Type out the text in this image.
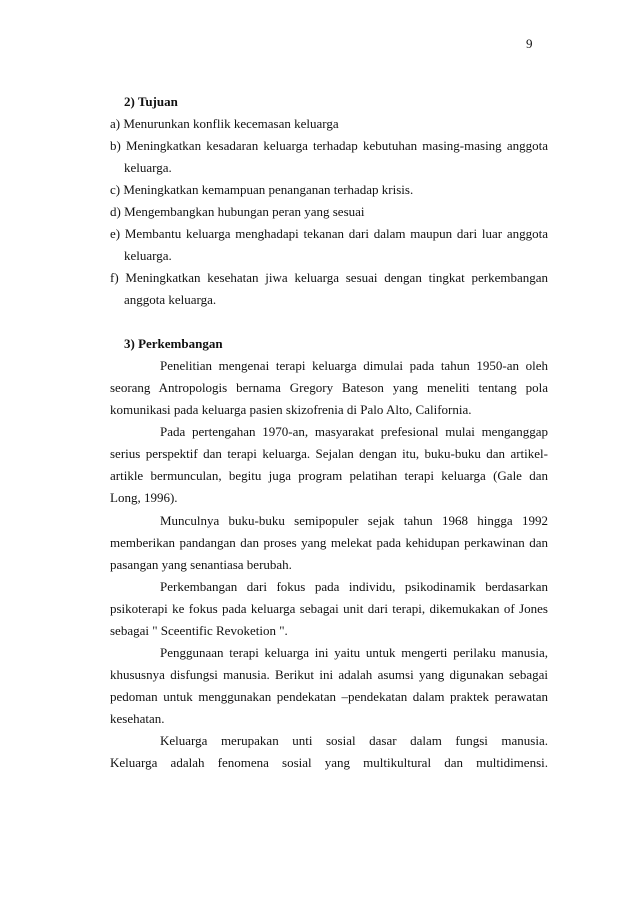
9
2) Tujuan
a) Menurunkan konflik kecemasan keluarga
b) Meningkatkan kesadaran keluarga terhadap kebutuhan masing-masing anggota
keluarga.
c) Meningkatkan kemampuan penanganan terhadap krisis.
d) Mengembangkan hubungan peran yang sesuai
e) Membantu keluarga menghadapi tekanan dari dalam maupun dari luar anggota
keluarga.
f) Meningkatkan kesehatan jiwa keluarga sesuai dengan tingkat perkembangan
anggota keluarga.
3) Perkembangan
Penelitian mengenai terapi keluarga dimulai pada tahun 1950-an oleh
seorang Antropologis bernama Gregory Bateson yang meneliti tentang pola
komunikasi pada keluarga pasien skizofrenia di Palo Alto, California.
Pada pertengahan 1970-an, masyarakat prefesional mulai menganggap
serius perspektif dan terapi keluarga. Sejalan dengan itu, buku-buku dan artikel-
artikle bermunculan, begitu juga program pelatihan terapi keluarga (Gale dan
Long, 1996).
Munculnya buku-buku semipopuler sejak tahun 1968 hingga 1992
memberikan pandangan dan proses yang melekat pada kehidupan perkawinan dan
pasangan yang senantiasa berubah.
Perkembangan dari fokus pada individu, psikodinamik berdasarkan
psikoterapi ke fokus pada keluarga sebagai unit dari terapi, dikemukakan of Jones
sebagai " Sceentific Revoketion ".
Penggunaan terapi keluarga ini yaitu untuk mengerti perilaku manusia,
khususnya disfungsi manusia. Berikut ini adalah asumsi yang digunakan sebagai
pedoman untuk menggunakan pendekatan –pendekatan dalam praktek perawatan
kesehatan.
Keluarga merupakan unti sosial dasar dalam fungsi manusia.
Keluarga adalah fenomena sosial yang multikultural dan multidimensi.
